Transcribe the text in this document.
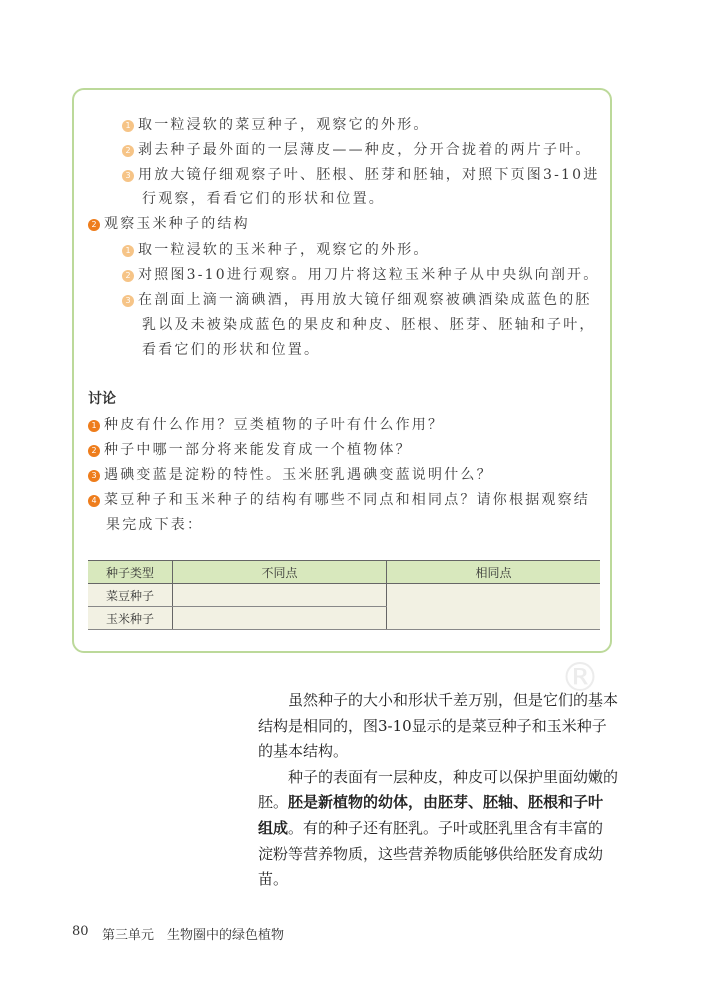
®
1 取一粒浸软的菜豆种子，观察它的外形。
2 剥去种子最外面的一层薄皮——种皮，分开合拢着的两片子叶。
3 用放大镜仔细观察子叶、胚根、胚芽和胚轴，对照下页图3-10进
行观察，看看它们的形状和位置。
2 观察玉米种子的结构
1 取一粒浸软的玉米种子，观察它的外形。
2 对照图3-10进行观察。用刀片将这粒玉米种子从中央纵向剖开。
3 在剖面上滴一滴碘酒，再用放大镜仔细观察被碘酒染成蓝色的胚
乳以及未被染成蓝色的果皮和种皮、胚根、胚芽、胚轴和子叶，
看看它们的形状和位置。
讨论
1 种皮有什么作用？豆类植物的子叶有什么作用？
2 种子中哪一部分将来能发育成一个植物体？
3 遇碘变蓝是淀粉的特性。玉米胚乳遇碘变蓝说明什么？
4 菜豆种子和玉米种子的结构有哪些不同点和相同点？请你根据观察结
果完成下表：
种子类型	不同点	相同点
菜豆种子		
玉米种子		

虽然种子的大小和形状千差万别，但是它们的基本结构是相同的，图3-10显示的是菜豆种子和玉米种子的基本结构。

种子的表面有一层种皮，种皮可以保护里面幼嫩的胚。胚是新植物的幼体，由胚芽、胚轴、胚根和子叶组成。有的种子还有胚乳。子叶或胚乳里含有丰富的淀粉等营养物质，这些营养物质能够供给胚发育成幼苗。

80 第三单元　生物圈中的绿色植物
